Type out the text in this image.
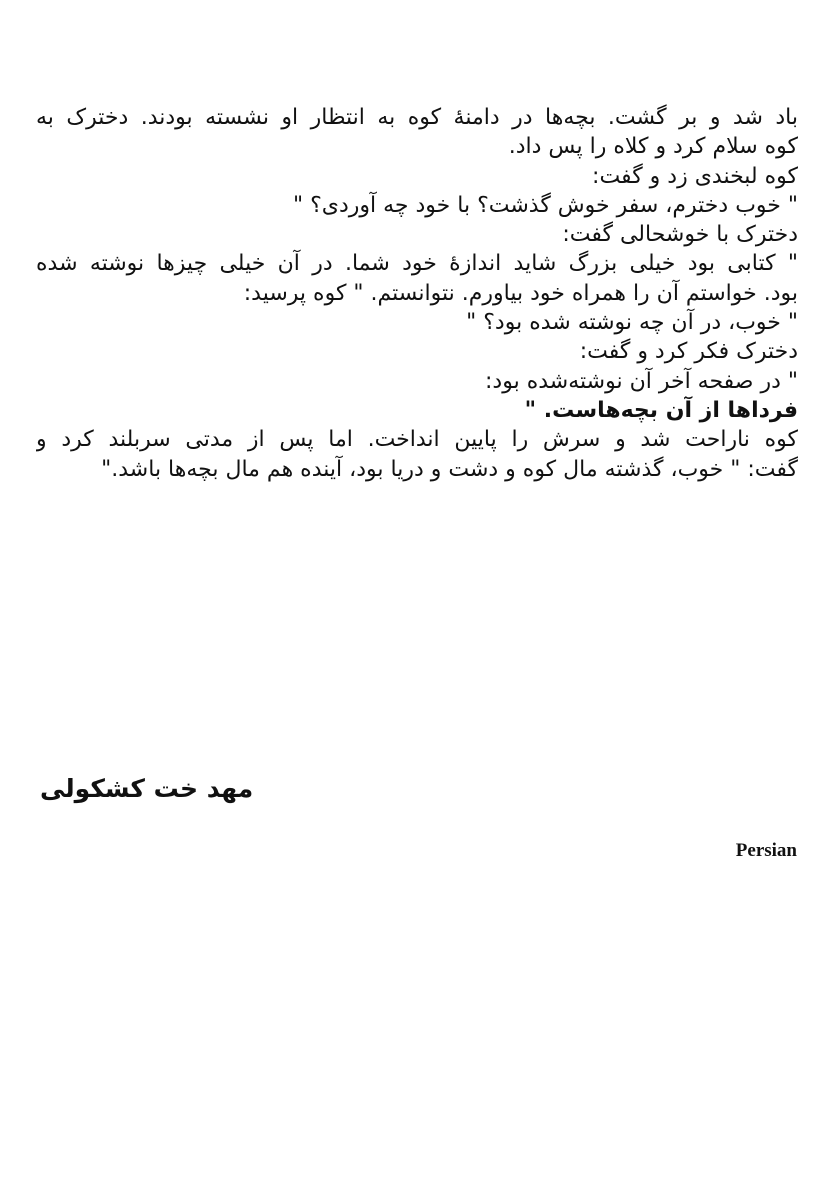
باد شد و بر گشت. بچه‌ها در دامنهٔ کوه به انتظار او نشسته بودند. دخترک به
کوه سلام کرد و کلاه را پس داد.
کوه لبخندی زد و گفت:
" خوب دخترم، سفر خوش گذشت؟ با خود چه آوردی؟ "
دخترک با خوشحالی گفت:
" کتابی بود خیلی بزرگ شاید اندازهٔ خود شما. در آن خیلی چیزها نوشته شده
بود. خواستم آن را همراه خود بیاورم. نتوانستم. " کوه پرسید:
" خوب، در آن چه نوشته شده بود؟ "
دخترک فکر کرد و گفت:
" در صفحه آخر آن نوشته‌شده بود:
فرداها از آن بچه‌هاست. "
کوه ناراحت شد و سرش را پایین انداخت. اما پس از مدتی سربلند کرد و
گفت: " خوب، گذشته مال کوه و دشت و دریا بود، آینده هم مال بچه‌ها باشد."
مهد خت کشکولی
Persian
